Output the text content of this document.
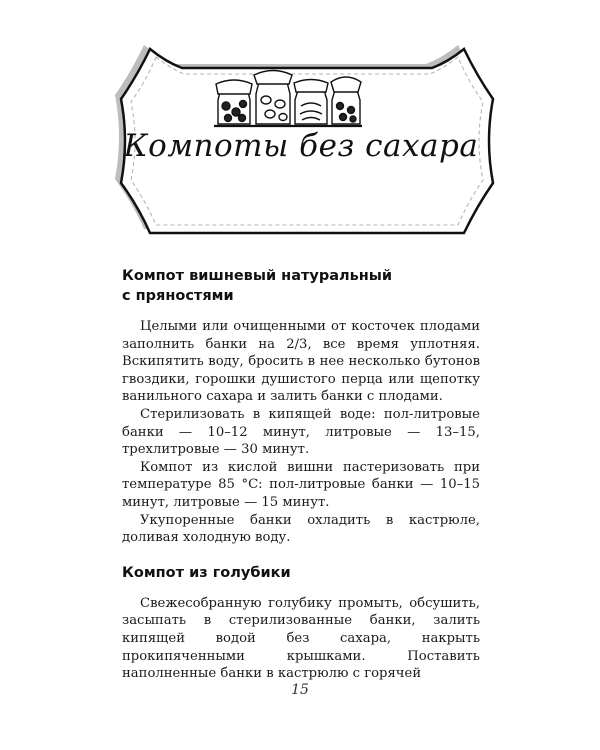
Компоты без сахара
Компот вишневый натуральный
с пряностями

Целыми или очищенными от косточек плодами заполнить банки на 2/3, все время уплотняя. Вскипятить воду, бросить в нее несколько бутонов гвоздики, горошки душистого перца или щепотку ванильного сахара и залить банки с плодами.

Стерилизовать в кипящей воде: пол-литровые банки — 10–12 минут, литровые — 13–15, трехлитровые — 30 минут.

Компот из кислой вишни пастеризовать при температуре 85 °С: пол-литровые банки — 10–15 минут, литровые — 15 минут.

Укупоренные банки охладить в кастрюле, доливая холодную воду.

Компот из голубики

Свежесобранную голубику промыть, обсушить, засыпать в стерилизованные банки, залить кипящей водой без сахара, накрыть прокипяченными крышками. Поставить наполненные банки в кастрюлю с горячей

15
